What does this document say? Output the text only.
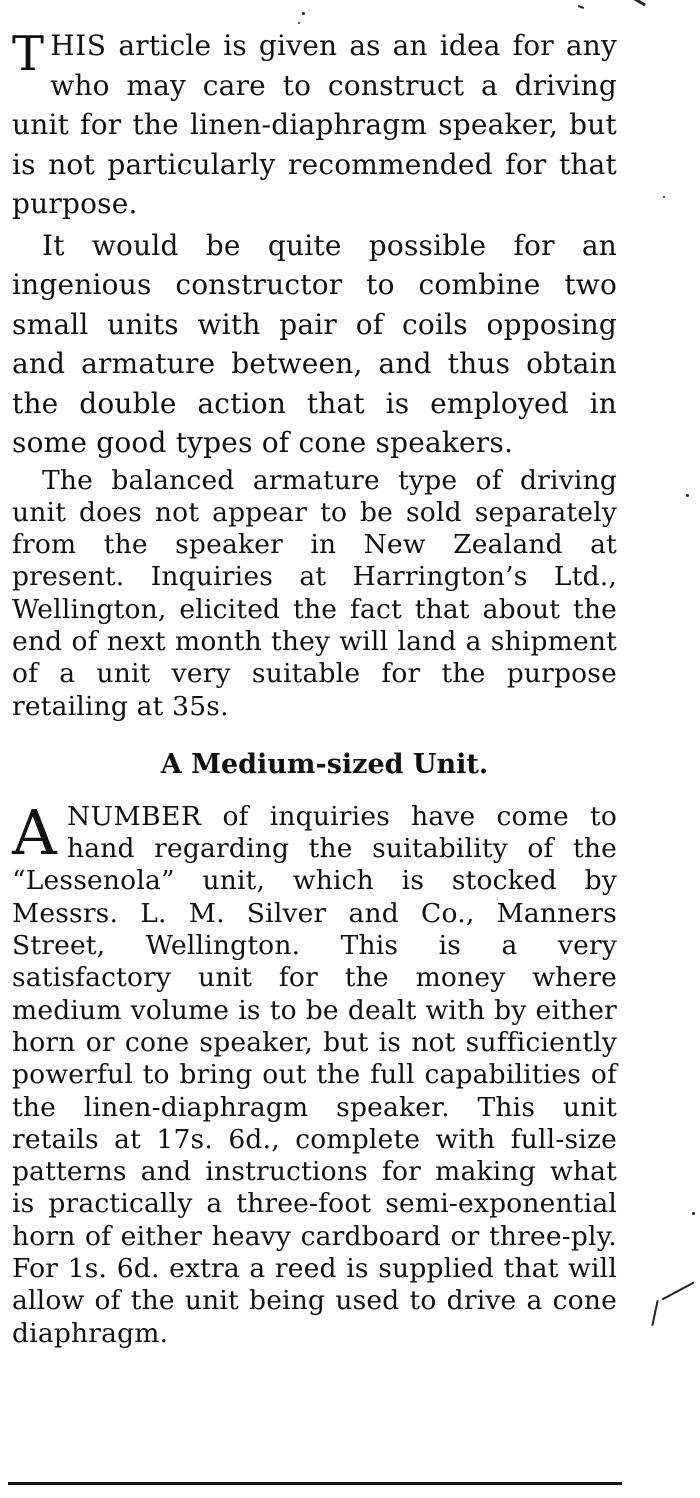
THIS article is given as an idea for any who may care to construct a driving unit for the linen-diaphragm speaker, but is not particularly recommended for that purpose.

It would be quite possible for an ingenious constructor to combine two small units with pair of coils opposing and armature between, and thus obtain the double action that is employed in some good types of cone speakers.

The balanced armature type of driving unit does not appear to be sold separately from the speaker in New Zealand at present. Inquiries at Harrington’s Ltd., Wellington, elicited the fact that about the end of next month they will land a shipment of a unit very suitable for the purpose retailing at 35s.

A Medium-sized Unit.

ANUMBER of inquiries have come to hand regarding the suitability of the “Lessenola” unit, which is stocked by Messrs. L. M. Silver and Co., Manners Street, Wellington. This is a very satisfactory unit for the money where medium volume is to be dealt with by either horn or cone speaker, but is not sufficiently powerful to bring out the full capabilities of the linen-diaphragm speaker. This unit retails at 17s. 6d., complete with full-size patterns and instructions for making what is practically a three-foot semi-exponential horn of either heavy cardboard or three-ply. For 1s. 6d. extra a reed is supplied that will allow of the unit being used to drive a cone diaphragm.
